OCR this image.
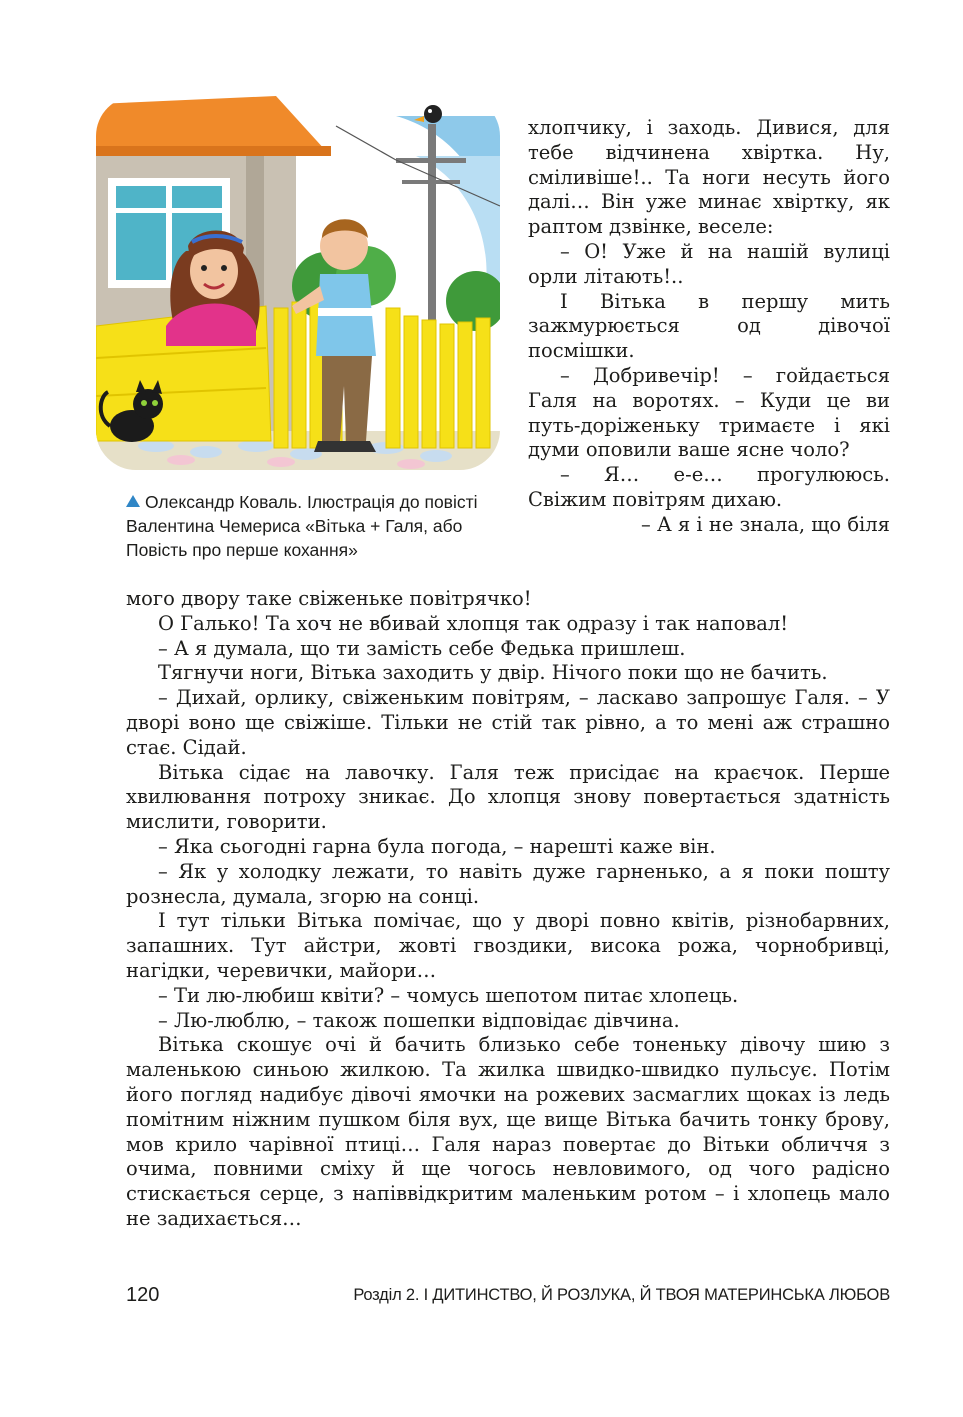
Олександр Коваль. Ілюстрація до повісті Валентина Чемериса «Вітька + Галя, або Повість про перше кохання»

хлопчику, і заходь. Дивися, для тебе відчинена хвіртка. Ну, сміливіше!.. Та ноги несуть його далі… Він уже минає хвіртку, як раптом дзвінке, веселе:

– О! Уже й на нашій вулиці орли літають!..

І Вітька в першу мить зажмурюється од дівочої посмішки.

– Добривечір! – гойдається Галя на воротях. – Куди це ви путь-доріженьку тримаєте і які думи оповили ваше ясне чоло?

– Я… е-е… прогулююсь. Свіжим повітрям дихаю.

– А я і не знала, що біля

мого двору таке свіженьке повітрячко!

О Галько! Та хоч не вбивай хлопця так одразу і так наповал!

– А я думала, що ти замість себе Федька пришлеш.

Тягнучи ноги, Вітька заходить у двір. Нічого поки що не бачить.

– Дихай, орлику, свіженьким повітрям, – ласкаво запрошує Галя. – У дворі воно ще свіжіше. Тільки не стій так рівно, а то мені аж страшно стає. Сідай.

Вітька сідає на лавочку. Галя теж присідає на краєчок. Перше хвилювання потроху зникає. До хлопця знову повертається здатність мислити, говорити.

– Яка сьогодні гарна була погода, – нарешті каже він.

– Як у холодку лежати, то навіть дуже гарненько, а я поки пошту рознесла, думала, згорю на сонці.

І тут тільки Вітька помічає, що у дворі повно квітів, різнобарвних, запашних. Тут айстри, жовті гвоздики, висока рожа, чорнобривці, нагідки, черевички, майори…

– Ти лю-любиш квіти? – чомусь шепотом питає хлопець.

– Лю-люблю, – також пошепки відповідає дівчина.

Вітька скошує очі й бачить близько себе тоненьку дівочу шию з маленькою синьою жилкою. Та жилка швидко-швидко пульсує. Потім його погляд надибує дівочі ямочки на рожевих засмаглих щоках із ледь помітним ніжним пушком біля вух, ще вище Вітька бачить тонку брову, мов крило чарівної птиці… Галя нараз повертає до Вітьки обличчя з очима, повними сміху й ще чогось невловимого, од чого радісно стискається серце, з напіввідкритим маленьким ротом – і хлопець мало не задихається…

120	Розділ 2. І ДИТИНСТВО, Й РОЗЛУКА, Й ТВОЯ МАТЕРИНСЬКА ЛЮБОВ
